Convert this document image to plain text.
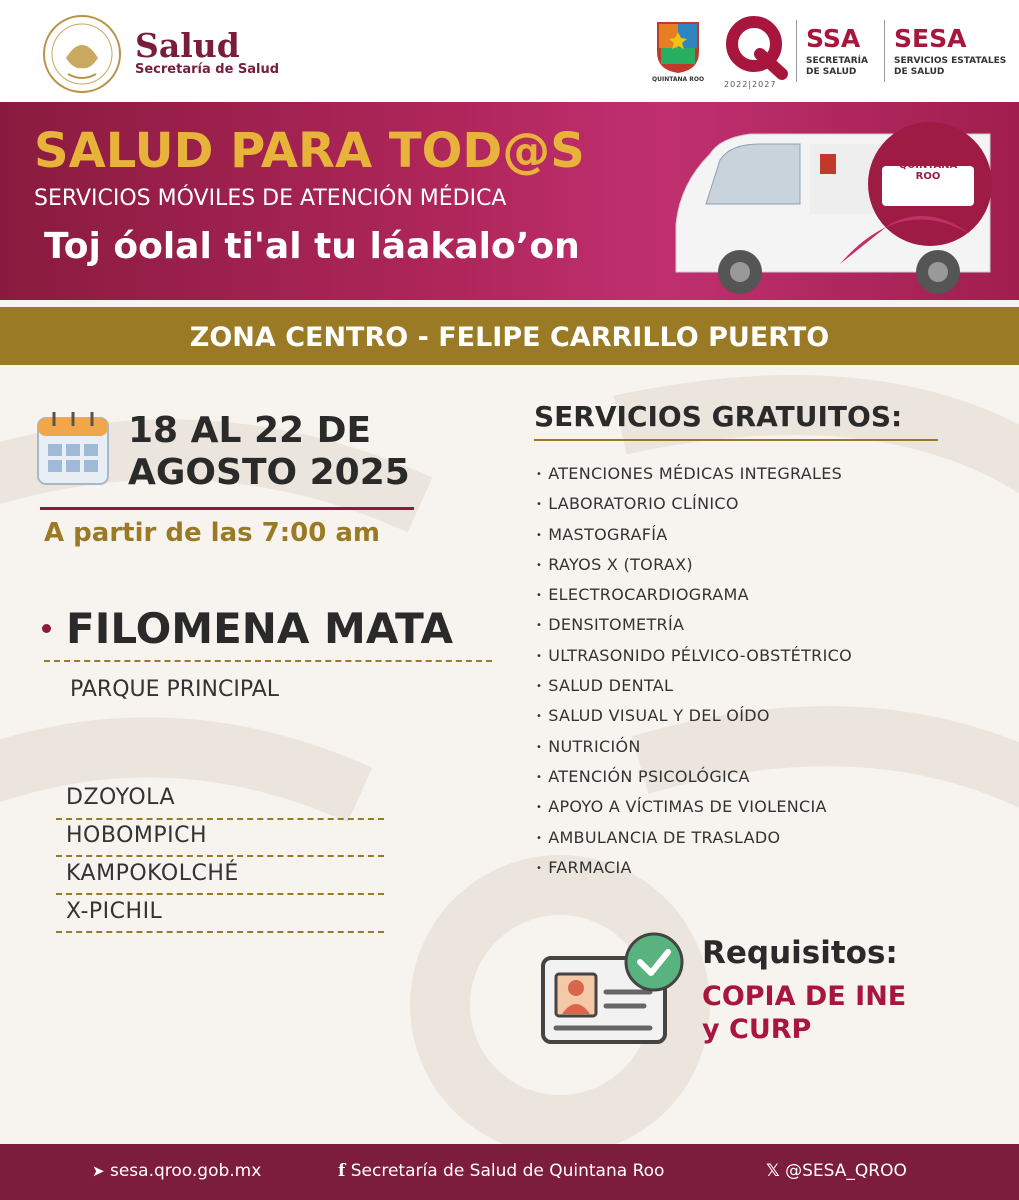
Salud
Secretaría de Salud
QUINTANA ROO
2022|2027
SSA
SECRETARÍA
DE SALUD
SESA
SERVICIOS ESTATALES
DE SALUD
QUINTANA ROO
SALUD PARA TOD@S
SERVICIOS MÓVILES DE ATENCIÓN MÉDICA
Toj óolal ti'al tu láakalo’on
ZONA CENTRO - FELIPE CARRILLO PUERTO
18 AL 22 DE
AGOSTO 2025
A partir de las 7:00 am
FILOMENA MATA
PARQUE PRINCIPAL
DZOYOLA
HOBOMPICH
KAMPOKOLCHÉ
X-PICHIL
SERVICIOS GRATUITOS:
• ATENCIONES MÉDICAS INTEGRALES
• LABORATORIO CLÍNICO
• MASTOGRAFÍA
• RAYOS X (TORAX)
• ELECTROCARDIOGRAMA
• DENSITOMETRÍA
• ULTRASONIDO PÉLVICO-OBSTÉTRICO
• SALUD DENTAL
• SALUD VISUAL Y DEL OÍDO
• NUTRICIÓN
• ATENCIÓN PSICOLÓGICA
• APOYO A VÍCTIMAS DE VIOLENCIA
• AMBULANCIA DE TRASLADO
• FARMACIA
Requisitos:
COPIA DE INE
y CURP
➤ sesa.qroo.gob.mx	f Secretaría de Salud de Quintana Roo	𝕏 @SESA_QROO
